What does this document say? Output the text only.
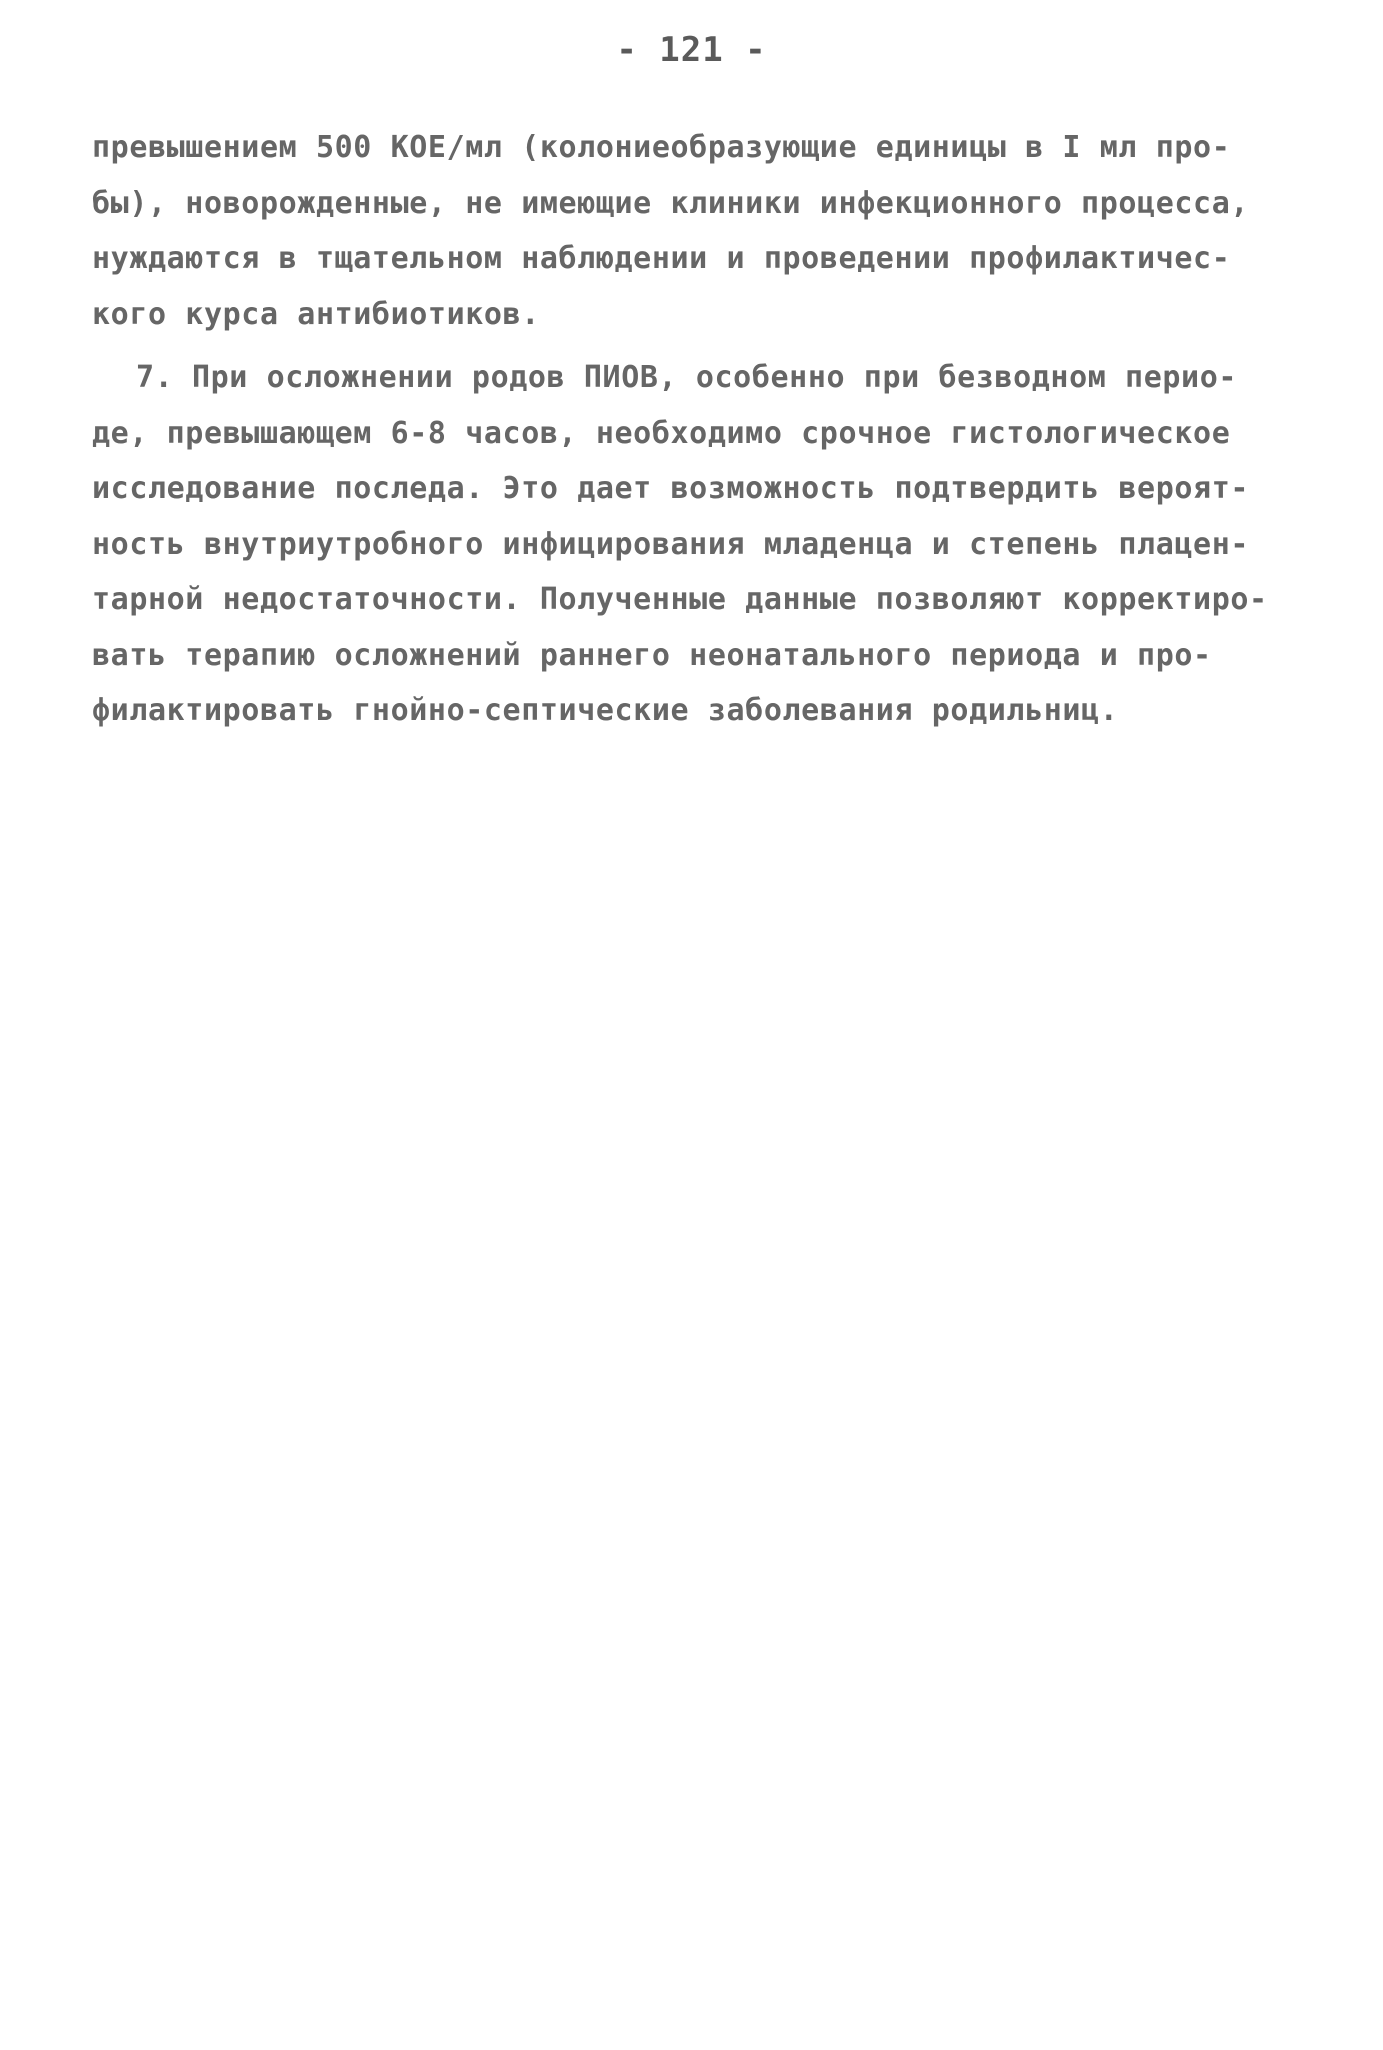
- 121 -
превышением 500 КОЕ/мл (колониеобразующие единицы в I мл про-
бы), новорожденные, не имеющие клиники инфекционного процесса,
нуждаются в тщательном наблюдении и проведении профилактичес-
кого курса антибиотиков.
7. При осложнении родов ПИОВ, особенно при безводном перио-
де, превышающем 6-8 часов, необходимо срочное гистологическое
исследование последа. Это дает возможность подтвердить вероят-
ность внутриутробного инфицирования младенца и степень плацен-
тарной недостаточности. Полученные данные позволяют корректиро-
вать терапию осложнений раннего неонатального периода и про-
филактировать гнойно-септические заболевания родильниц.
